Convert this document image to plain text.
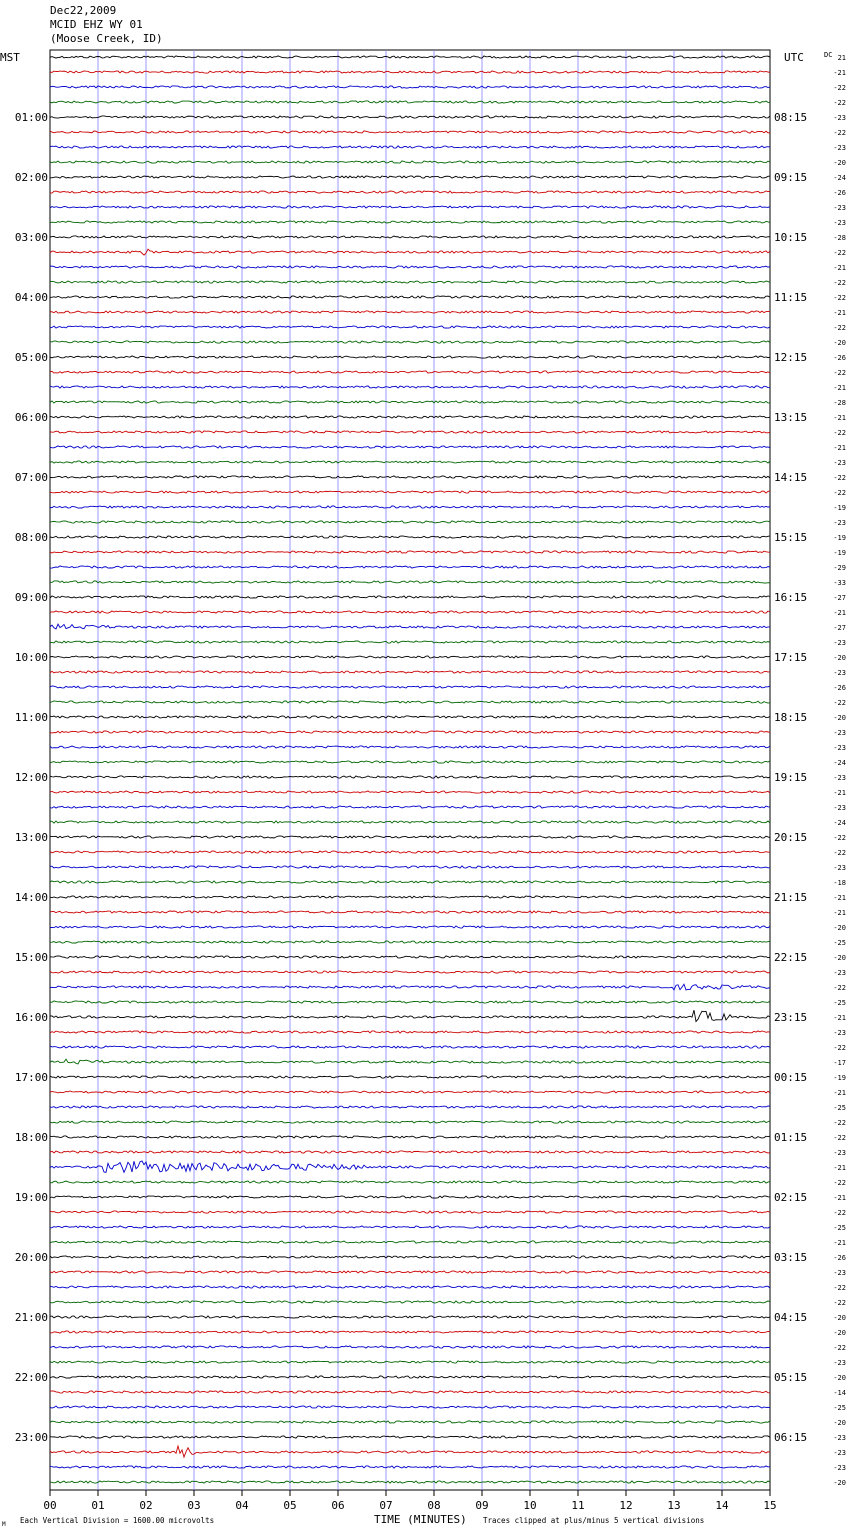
Dec22,2009
MCID EHZ WY 01
(Moose Creek, ID)
00	01	02	03	04	05	06	07	08	09	10	11	12	13	14	15
01:00
02:00
03:00
04:00
05:00
06:00
07:00
08:00
09:00
10:00
11:00
12:00
13:00
14:00
15:00
16:00
17:00
18:00
19:00
20:00
21:00
22:00
23:00
08:15
09:15
10:15
11:15
12:15
13:15
14:15
15:15
16:15
17:15
18:15
19:15
20:15
21:15
22:15
23:15
00:15
01:15
02:15
03:15
04:15
05:15
06:15
21
-21
-22
-22
-23
-22
-23
-20
-24
-26
-23
-23
-28
-22
-21
-22
-22
-21
-22
-20
-26
-22
-21
-28
-21
-22
-21
-23
-22
-22
-19
-23
-19
-19
-29
-33
-27
-21
-27
-23
-20
-23
-26
-22
-20
-23
-23
-24
-23
-21
-23
-24
-22
-22
-23
-18
-21
-21
-20
-25
-20
-23
-22
-25
-21
-23
-22
-17
-19
-21
-25
-22
-22
-23
-21
-22
-21
-22
-25
-21
-26
-23
-22
-22
-20
-20
-22
-23
-20
-14
-25
-20
-23
-23
-23
-20
MST	UTC	DC
TIME (MINUTES)
Each Vertical Division = 1600.00 microvolts	Traces clipped at plus/minus 5 vertical divisions
M
